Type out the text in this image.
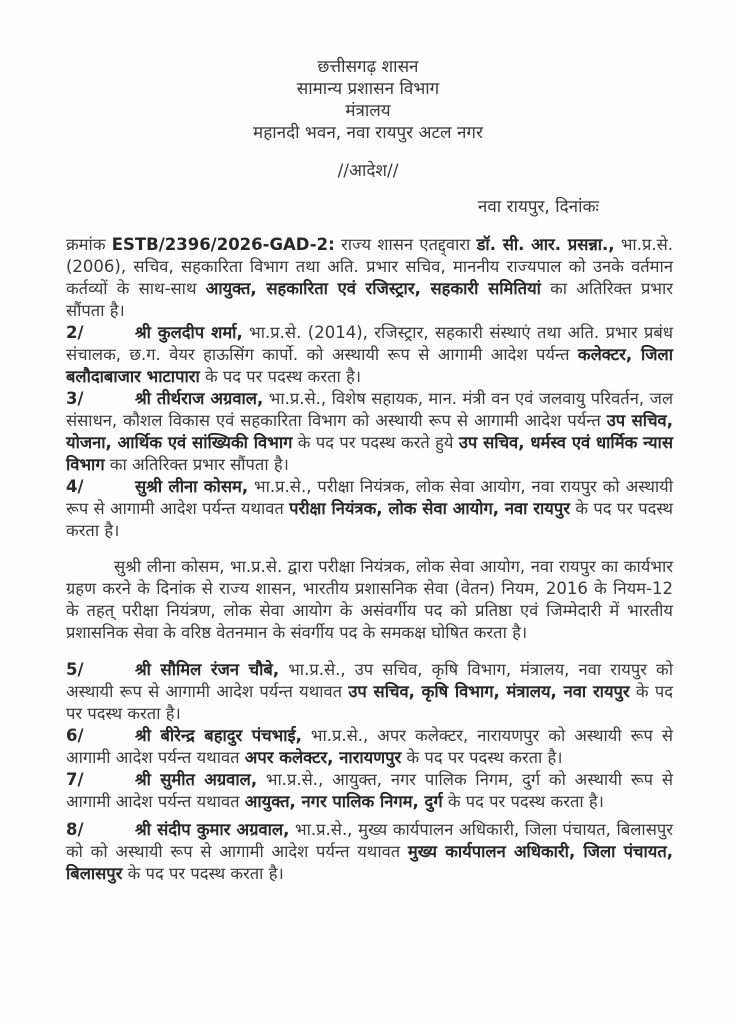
छत्तीसगढ़ शासन
सामान्य प्रशासन विभाग
मंत्रालय
महानदी भवन, नवा रायपुर अटल नगर
//आदेश//
नवा रायपुर, दिनांकः
क्रमांक ESTB/2396/2026-GAD-2: राज्य शासन एतद्द्वारा डॉ. सी. आर. प्रसन्ना., भा.प्र.से. (2006), सचिव, सहकारिता विभाग तथा अति. प्रभार सचिव, माननीय राज्यपाल को उनके वर्तमान कर्तव्यों के साथ-साथ आयुक्त, सहकारिता एवं रजिस्ट्रार, सहकारी समितियां का अतिरिक्त प्रभार सौंपता है।
2/	श्री कुलदीप शर्मा, भा.प्र.से. (2014), रजिस्ट्रार, सहकारी संस्थाएं तथा अति. प्रभार प्रबंध संचालक, छ.ग. वेयर हाऊसिंग कार्पो. को अस्थायी रूप से आगामी आदेश पर्यन्त कलेक्टर, जिला बलौदाबाजार भाटापारा के पद पर पदस्थ करता है।
3/	श्री तीर्थराज अग्रवाल, भा.प्र.से., विशेष सहायक, मान. मंत्री वन एवं जलवायु परिवर्तन, जल संसाधन, कौशल विकास एवं सहकारिता विभाग को अस्थायी रूप से आगामी आदेश पर्यन्त उप सचिव, योजना, आर्थिक एवं सांख्यिकी विभाग के पद पर पदस्थ करते हुये उप सचिव, धर्मस्व एवं धार्मिक न्यास विभाग का अतिरिक्त प्रभार सौंपता है।
4/	सुश्री लीना कोसम, भा.प्र.से., परीक्षा नियंत्रक, लोक सेवा आयोग, नवा रायपुर को अस्थायी रूप से आगामी आदेश पर्यन्त यथावत परीक्षा नियंत्रक, लोक सेवा आयोग, नवा रायपुर के पद पर पदस्थ करता है।
सुश्री लीना कोसम, भा.प्र.से. द्वारा परीक्षा नियंत्रक, लोक सेवा आयोग, नवा रायपुर का कार्यभार ग्रहण करने के दिनांक से राज्य शासन, भारतीय प्रशासनिक सेवा (वेतन) नियम, 2016 के नियम-12 के तहत् परीक्षा नियंत्रण, लोक सेवा आयोग के असंवर्गीय पद को प्रतिष्ठा एवं जिम्मेदारी में भारतीय प्रशासनिक सेवा के वरिष्ठ वेतनमान के संवर्गीय पद के समकक्ष घोषित करता है।
5/	श्री सौमिल रंजन चौबे, भा.प्र.से., उप सचिव, कृषि विभाग, मंत्रालय, नवा रायपुर को अस्थायी रूप से आगामी आदेश पर्यन्त यथावत उप सचिव, कृषि विभाग, मंत्रालय, नवा रायपुर के पद पर पदस्थ करता है।
6/	श्री बीरेन्द्र बहादुर पंचभाई, भा.प्र.से., अपर कलेक्टर, नारायणपुर को अस्थायी रूप से आगामी आदेश पर्यन्त यथावत अपर कलेक्टर, नारायणपुर के पद पर पदस्थ करता है।
7/	श्री सुमीत अग्रवाल, भा.प्र.से., आयुक्त, नगर पालिक निगम, दुर्ग को अस्थायी रूप से आगामी आदेश पर्यन्त यथावत आयुक्त, नगर पालिक निगम, दुर्ग के पद पर पदस्थ करता है।
8/	श्री संदीप कुमार अग्रवाल, भा.प्र.से., मुख्य कार्यपालन अधिकारी, जिला पंचायत, बिलासपुर को को अस्थायी रूप से आगामी आदेश पर्यन्त यथावत मुख्य कार्यपालन अधिकारी, जिला पंचायत, बिलासपुर के पद पर पदस्थ करता है।
